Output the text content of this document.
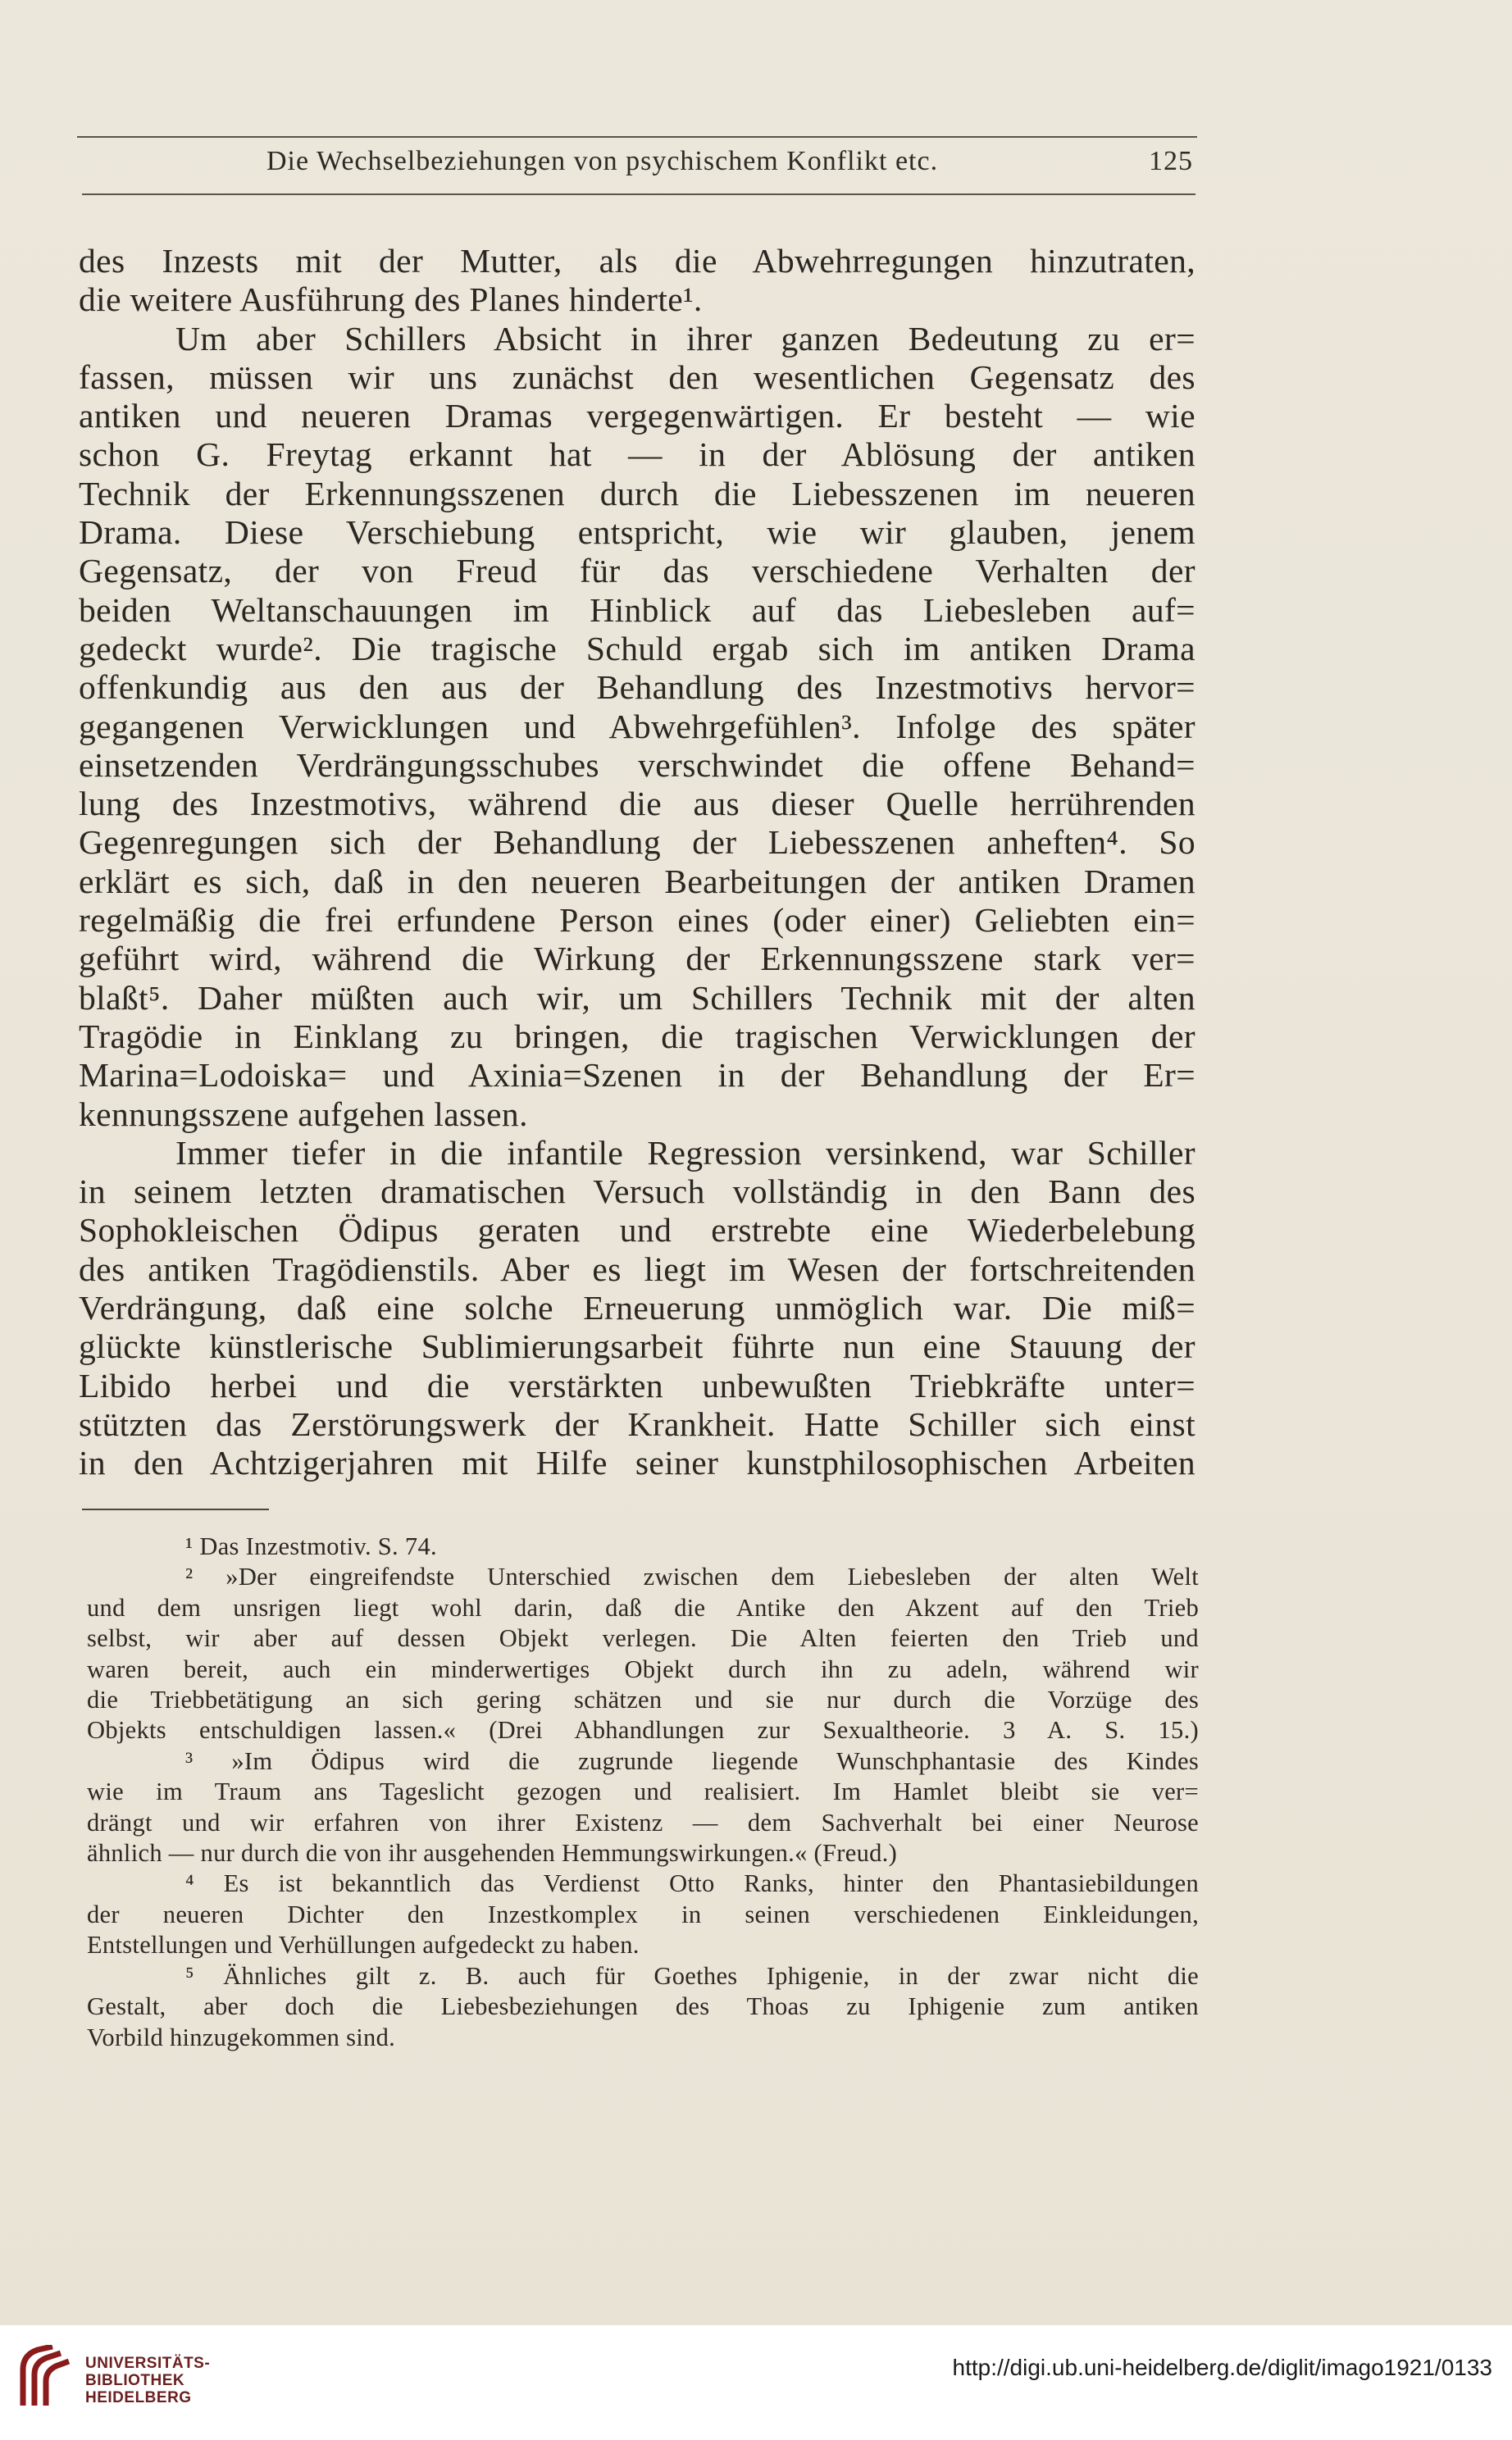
Die Wechselbeziehungen von psychischem Konflikt etc.	125
des Inzests mit der Mutter, als die Abwehrregungen hinzutraten,
die weitere Ausführung des Planes hinderte¹.
Um aber Schillers Absicht in ihrer ganzen Bedeutung zu er=
fassen, müssen wir uns zunächst den wesentlichen Gegensatz des
antiken und neueren Dramas vergegenwärtigen. Er besteht — wie
schon G. Freytag erkannt hat — in der Ablösung der antiken
Technik der Erkennungsszenen durch die Liebesszenen im neueren
Drama. Diese Verschiebung entspricht, wie wir glauben, jenem
Gegensatz, der von Freud für das verschiedene Verhalten der
beiden Weltanschauungen im Hinblick auf das Liebesleben auf=
gedeckt wurde². Die tragische Schuld ergab sich im antiken Drama
offenkundig aus den aus der Behandlung des Inzestmotivs hervor=
gegangenen Verwicklungen und Abwehrgefühlen³. Infolge des später
einsetzenden Verdrängungsschubes verschwindet die offene Behand=
lung des Inzestmotivs, während die aus dieser Quelle herrührenden
Gegenregungen sich der Behandlung der Liebesszenen anheften⁴. So
erklärt es sich, daß in den neueren Bearbeitungen der antiken Dramen
regelmäßig die frei erfundene Person eines (oder einer) Geliebten ein=
geführt wird, während die Wirkung der Erkennungsszene stark ver=
blaßt⁵. Daher müßten auch wir, um Schillers Technik mit der alten
Tragödie in Einklang zu bringen, die tragischen Verwicklungen der
Marina=Lodoiska= und Axinia=Szenen in der Behandlung der Er=
kennungsszene aufgehen lassen.
Immer tiefer in die infantile Regression versinkend, war Schiller
in seinem letzten dramatischen Versuch vollständig in den Bann des
Sophokleischen Ödipus geraten und erstrebte eine Wiederbelebung
des antiken Tragödienstils. Aber es liegt im Wesen der fortschreitenden
Verdrängung, daß eine solche Erneuerung unmöglich war. Die miß=
glückte künstlerische Sublimierungsarbeit führte nun eine Stauung der
Libido herbei und die verstärkten unbewußten Triebkräfte unter=
stützten das Zerstörungswerk der Krankheit. Hatte Schiller sich einst
in den Achtzigerjahren mit Hilfe seiner kunstphilosophischen Arbeiten
¹ Das Inzestmotiv. S. 74.
² »Der eingreifendste Unterschied zwischen dem Liebesleben der alten Welt
und dem unsrigen liegt wohl darin, daß die Antike den Akzent auf den Trieb
selbst, wir aber auf dessen Objekt verlegen. Die Alten feierten den Trieb und
waren bereit, auch ein minderwertiges Objekt durch ihn zu adeln, während wir
die Triebbetätigung an sich gering schätzen und sie nur durch die Vorzüge des
Objekts entschuldigen lassen.« (Drei Abhandlungen zur Sexualtheorie. 3 A. S. 15.)
³ »Im Ödipus wird die zugrunde liegende Wunschphantasie des Kindes
wie im Traum ans Tageslicht gezogen und realisiert. Im Hamlet bleibt sie ver=
drängt und wir erfahren von ihrer Existenz — dem Sachverhalt bei einer Neurose
ähnlich — nur durch die von ihr ausgehenden Hemmungswirkungen.« (Freud.)
⁴ Es ist bekanntlich das Verdienst Otto Ranks, hinter den Phantasiebildungen
der neueren Dichter den Inzestkomplex in seinen verschiedenen Einkleidungen,
Entstellungen und Verhüllungen aufgedeckt zu haben.
⁵ Ähnliches gilt z. B. auch für Goethes Iphigenie, in der zwar nicht die
Gestalt, aber doch die Liebesbeziehungen des Thoas zu Iphigenie zum antiken
Vorbild hinzugekommen sind.
UNIVERSITÄTS-
BIBLIOTHEK
HEIDELBERG
http://digi.ub.uni-heidelberg.de/diglit/imago1921/0133
